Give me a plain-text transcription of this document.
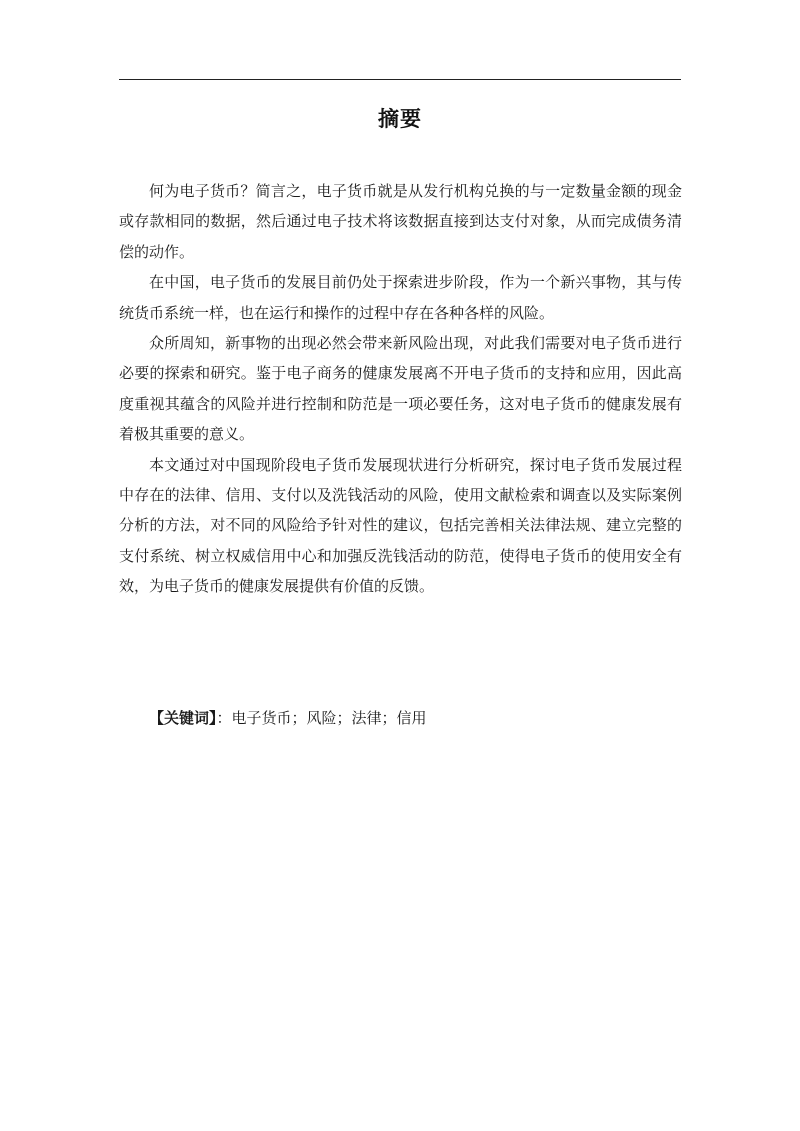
摘要

何为电子货币？简言之，电子货币就是从发行机构兑换的与一定数量金额的现金或存款相同的数据，然后通过电子技术将该数据直接到达支付对象，从而完成债务清偿的动作。

在中国，电子货币的发展目前仍处于探索进步阶段，作为一个新兴事物，其与传统货币系统一样，也在运行和操作的过程中存在各种各样的风险。

众所周知，新事物的出现必然会带来新风险出现，对此我们需要对电子货币进行必要的探索和研究。鉴于电子商务的健康发展离不开电子货币的支持和应用，因此高度重视其蕴含的风险并进行控制和防范是一项必要任务，这对电子货币的健康发展有着极其重要的意义。

本文通过对中国现阶段电子货币发展现状进行分析研究，探讨电子货币发展过程中存在的法律、信用、支付以及洗钱活动的风险，使用文献检索和调查以及实际案例分析的方法，对不同的风险给予针对性的建议，包括完善相关法律法规、建立完整的支付系统、树立权威信用中心和加强反洗钱活动的防范，使得电子货币的使用安全有效，为电子货币的健康发展提供有价值的反馈。

【关键词】：电子货币；风险；法律；信用
